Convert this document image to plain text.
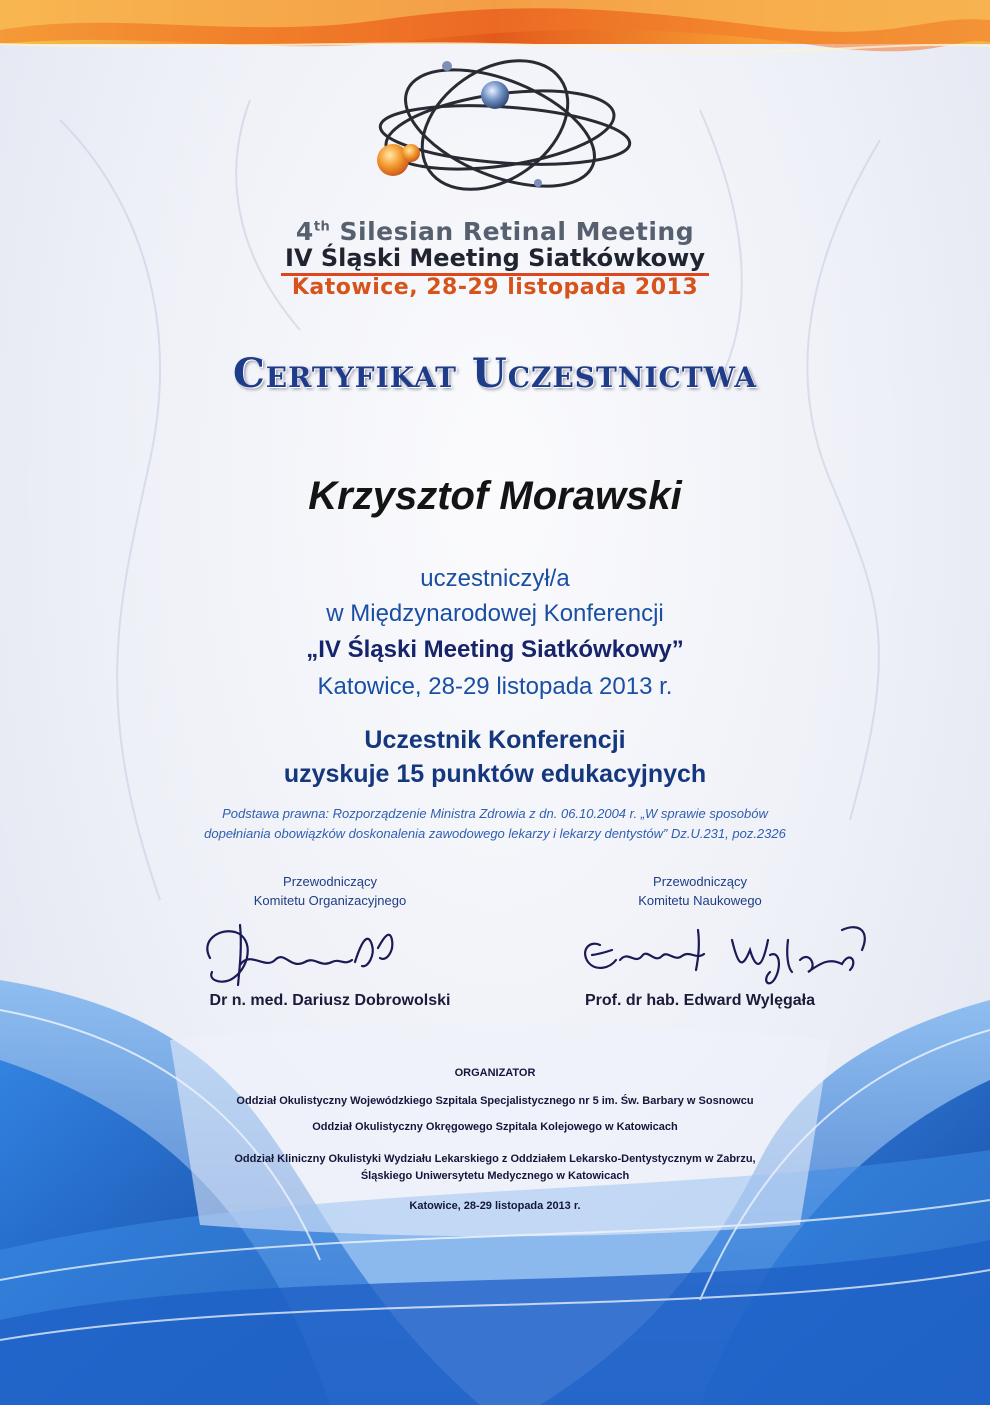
4th Silesian Retinal Meeting
IV Śląski Meeting Siatkówkowy
Katowice, 28-29 listopada 2013
Certyfikat Uczestnictwa
Krzysztof Morawski
uczestniczył/a
w Międzynarodowej Konferencji
„IV Śląski Meeting Siatkówkowy”
Katowice, 28-29 listopada 2013 r.
Uczestnik Konferencji
uzyskuje 15 punktów edukacyjnych
Podstawa prawna: Rozporządzenie Ministra Zdrowia z dn. 06.10.2004 r. „W sprawie sposobów
dopełniania obowiązków doskonalenia zawodowego lekarzy i lekarzy dentystów” Dz.U.231, poz.2326
Przewodniczący
Komitetu Organizacyjnego
Dr n. med. Dariusz Dobrowolski
Przewodniczący
Komitetu Naukowego
Prof. dr hab. Edward Wylęgała
ORGANIZATOR
Oddział Okulistyczny Wojewódzkiego Szpitala Specjalistycznego nr 5 im. Św. Barbary w Sosnowcu
Oddział Okulistyczny Okręgowego Szpitala Kolejowego w Katowicach
Oddział Kliniczny Okulistyki Wydziału Lekarskiego z Oddziałem Lekarsko-Dentystycznym w Zabrzu,
Śląskiego Uniwersytetu Medycznego w Katowicach
Katowice, 28-29 listopada 2013 r.
